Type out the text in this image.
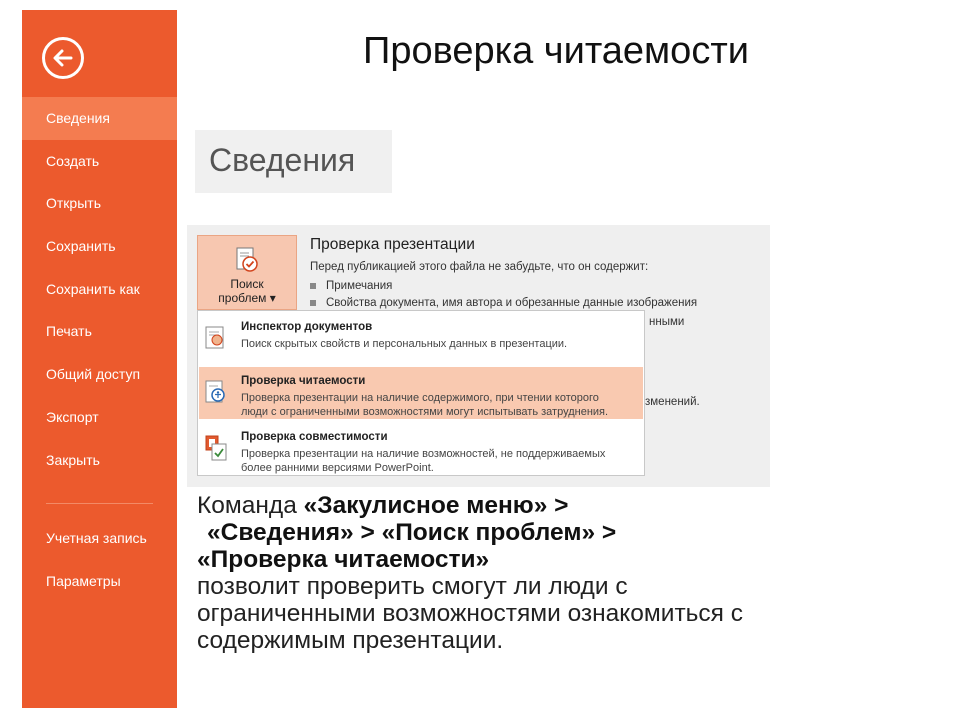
Сведения
Создать
Открыть
Сохранить
Сохранить как
Печать
Общий доступ
Экспорт
Закрыть
Учетная запись
Параметры
Проверка читаемости
Сведения
Поиск
проблем ▾
Проверка презентации
Перед публикацией этого файла не забудьте, что он содержит:
Примечания
Свойства документа, имя автора и обрезанные данные изображения
нными
зменений.
Инспектор документов
Поиск скрытых свойств и персональных данных в презентации.
Проверка читаемости
Проверка презентации на наличие содержимого, при чтении которого
люди с ограниченными возможностями могут испытывать затруднения.
Проверка совместимости
Проверка презентации на наличие возможностей, не поддерживаемых
более ранними версиями PowerPoint.
Команда «Закулисное меню» >
«Сведения» > «Поиск проблем» >
«Проверка читаемости»
позволит проверить смогут ли люди с
ограниченными возможностями ознакомиться с
содержимым презентации.
